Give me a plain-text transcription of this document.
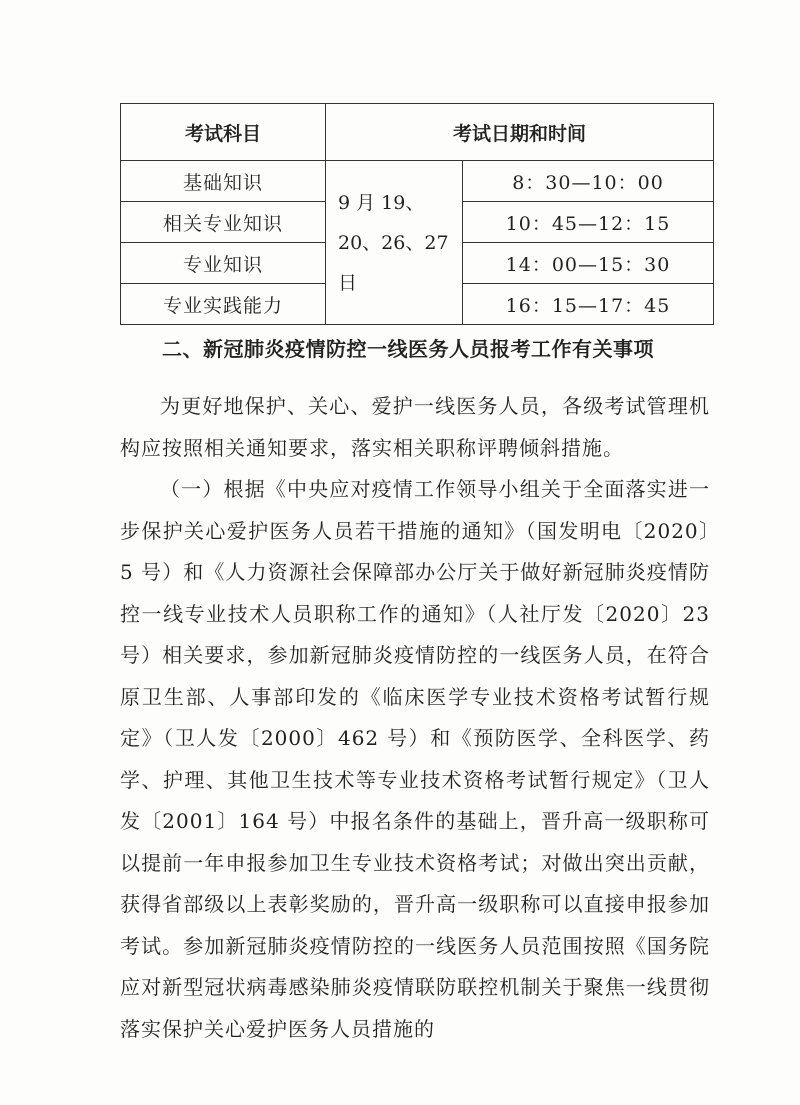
考试科目	考试日期和时间	
基础知识	9 月 19、20、26、27 日	8：30—10：00
相关专业知识		10：45—12：15
专业知识		14：00—15：30
专业实践能力		16：15—17：45
二、新冠肺炎疫情防控一线医务人员报考工作有关事项

为更好地保护、关心、爱护一线医务人员，各级考试管理机构应按照相关通知要求，落实相关职称评聘倾斜措施。

（一）根据《中央应对疫情工作领导小组关于全面落实进一步保护关心爱护医务人员若干措施的通知》（国发明电〔2020〕5 号）和《人力资源社会保障部办公厅关于做好新冠肺炎疫情防控一线专业技术人员职称工作的通知》（人社厅发〔2020〕23 号）相关要求，参加新冠肺炎疫情防控的一线医务人员，在符合原卫生部、人事部印发的《临床医学专业技术资格考试暂行规定》（卫人发〔2000〕462 号）和《预防医学、全科医学、药学、护理、其他卫生技术等专业技术资格考试暂行规定》（卫人发〔2001〕164 号）中报名条件的基础上，晋升高一级职称可以提前一年申报参加卫生专业技术资格考试；对做出突出贡献，获得省部级以上表彰奖励的，晋升高一级职称可以直接申报参加考试。参加新冠肺炎疫情防控的一线医务人员范围按照《国务院应对新型冠状病毒感染肺炎疫情联防联控机制关于聚焦一线贯彻落实保护关心爱护医务人员措施的
